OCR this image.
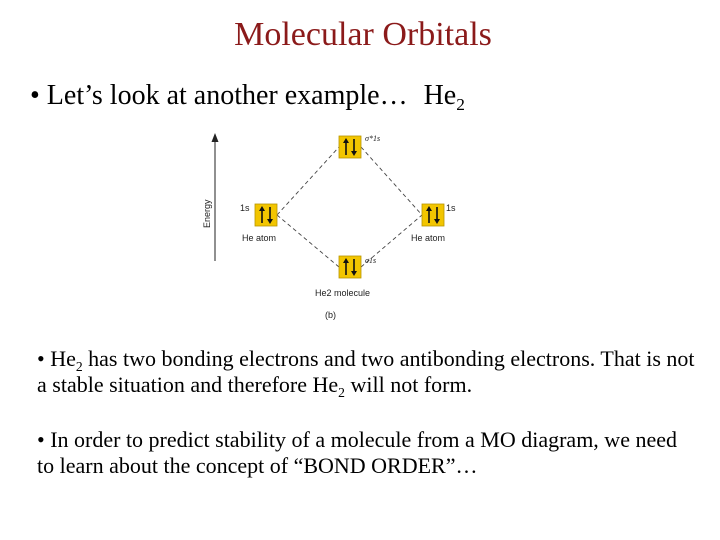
Molecular Orbitals
• Let’s look at another example… $He_2$
Energy
σ*1s
1s
He atom
1s
He atom
σ1s
He2 molecule
(b)
• $He_2$ has two bonding electrons and two antibonding electrons. That is not a stable situation and therefore $He_2$ will not form.
• In order to predict stability of a molecule from a MO diagram, we need to learn about the concept of “BOND ORDER”…
